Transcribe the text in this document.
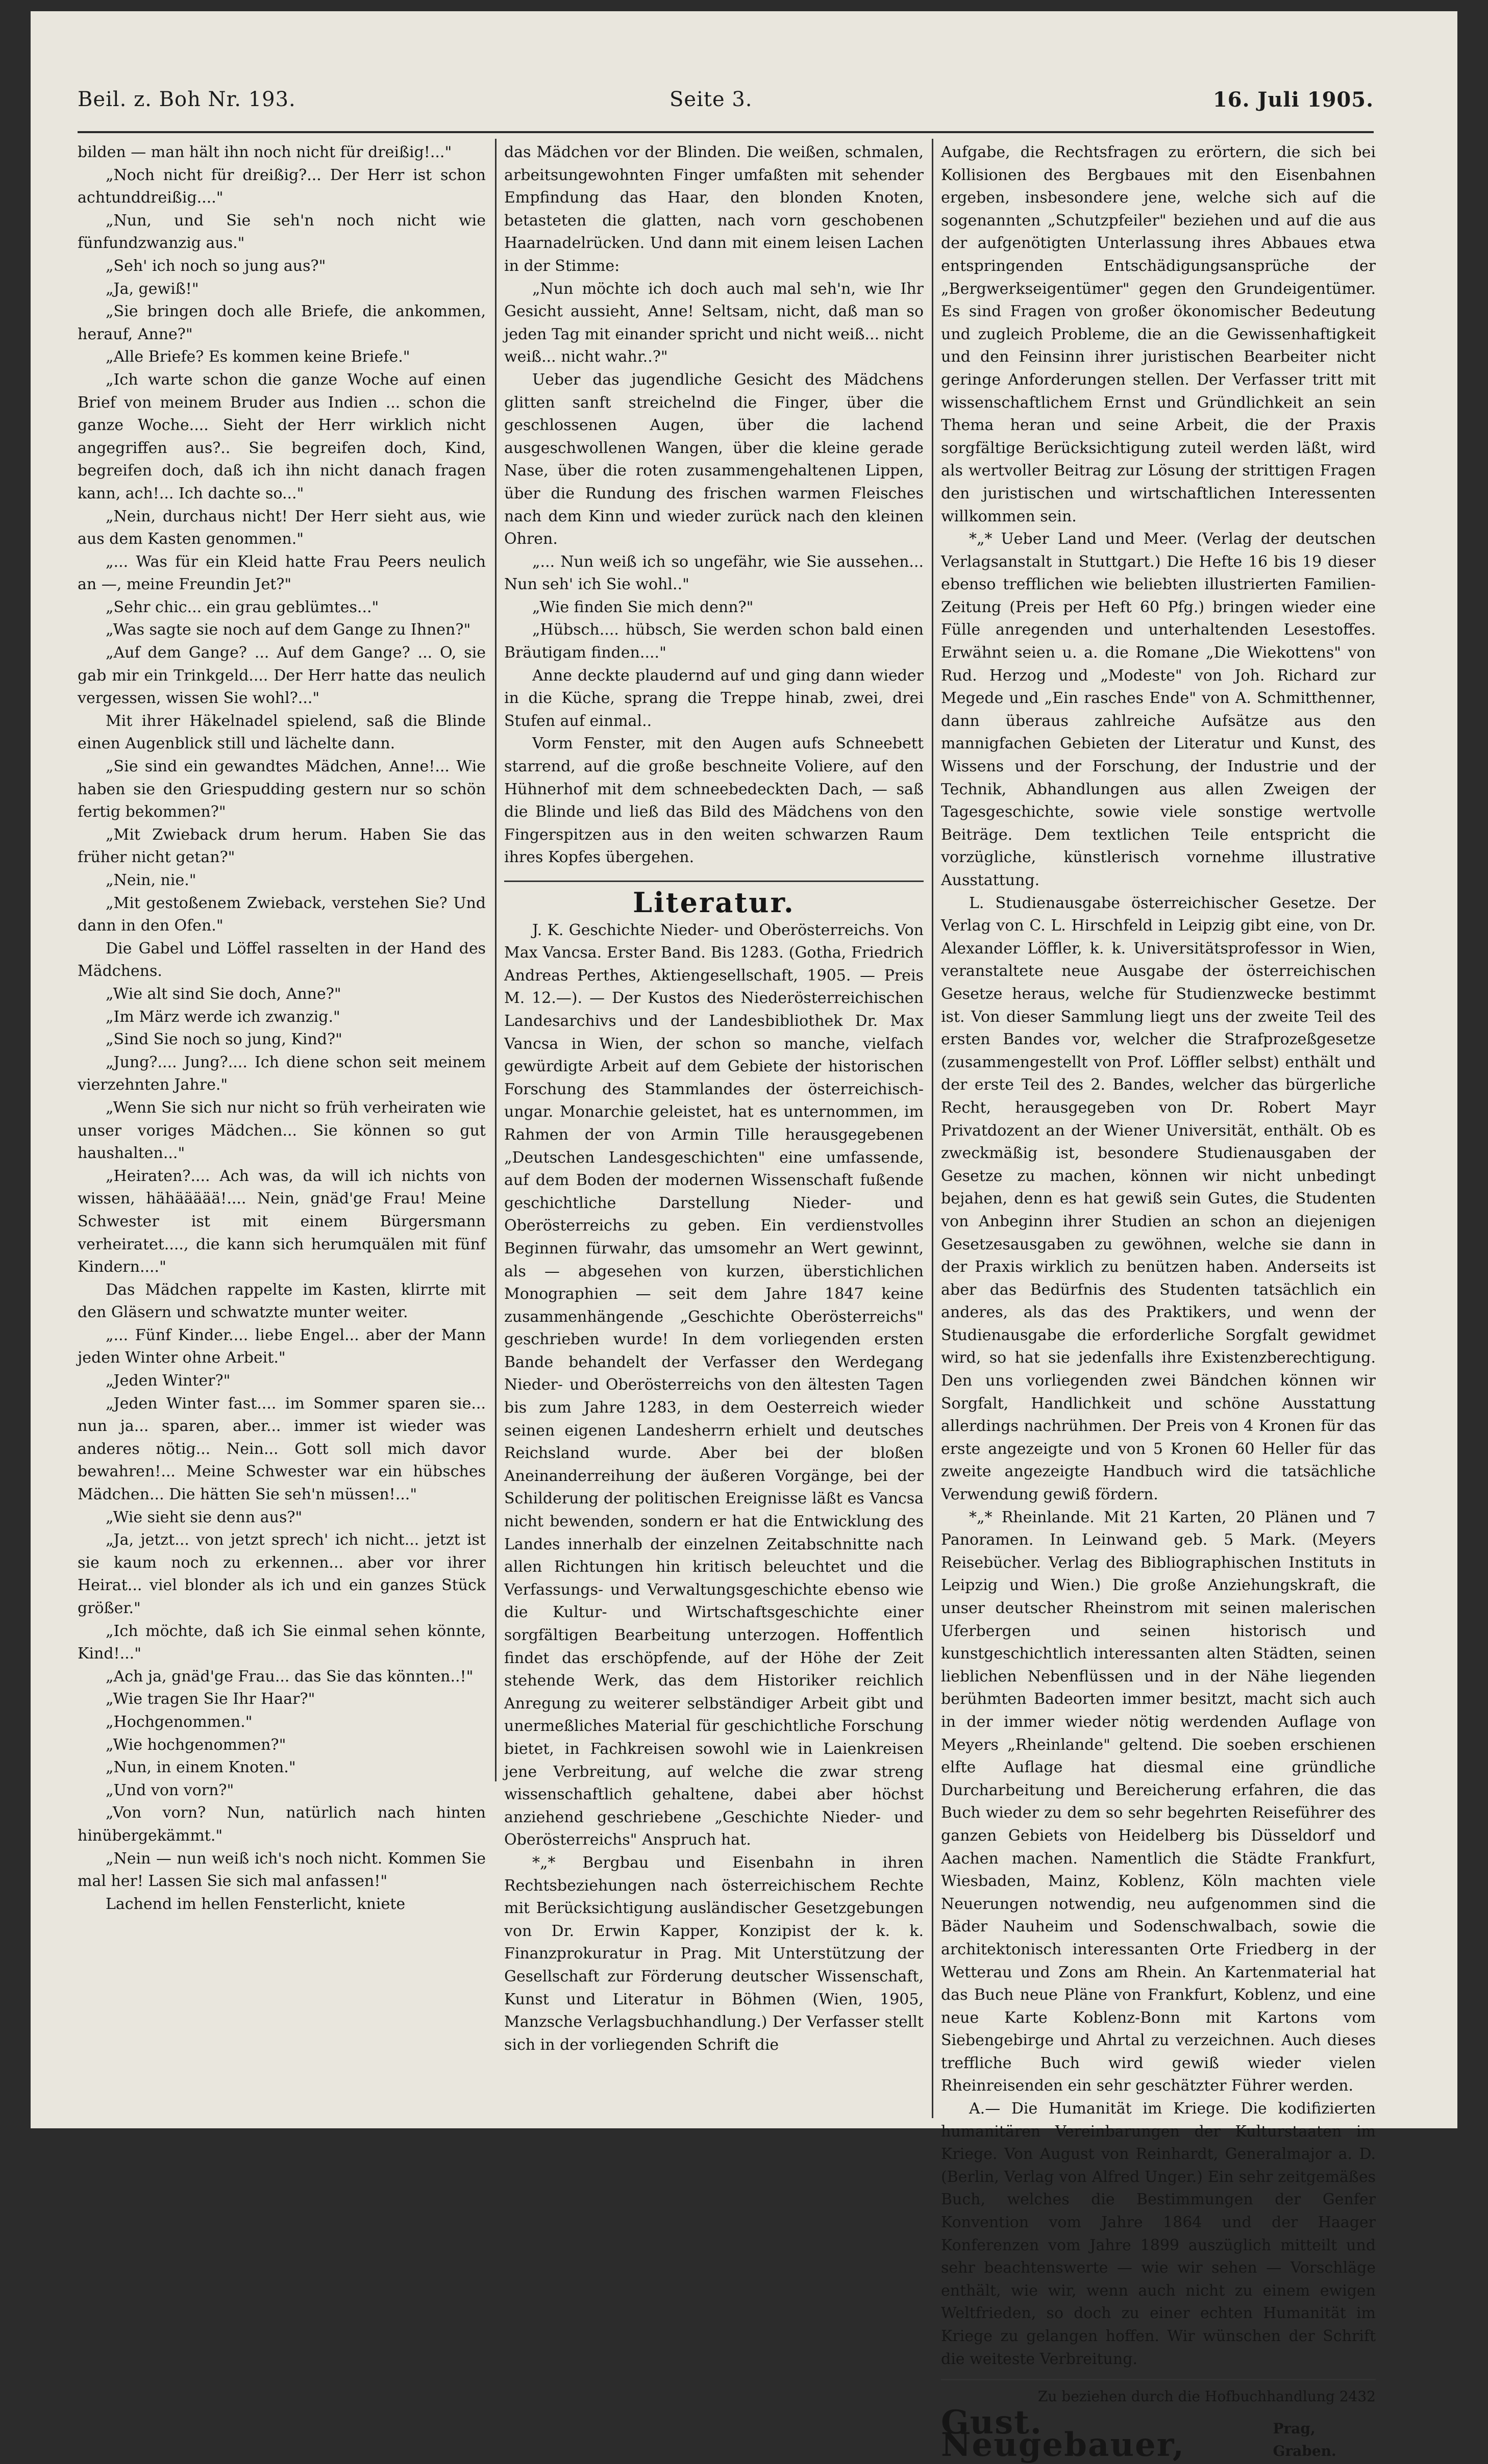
Beil. z. Boh Nr. 193.	Seite 3.	16. Juli 1905.

bilden — man hält ihn noch nicht für dreißig!..."

„Noch nicht für dreißig?... Der Herr ist schon achtunddreißig...."

„Nun, und Sie seh'n noch nicht wie fünfundzwanzig aus."

„Seh' ich noch so jung aus?"

„Ja, gewiß!"

„Sie bringen doch alle Briefe, die ankommen, herauf, Anne?"

„Alle Briefe? Es kommen keine Briefe."

„Ich warte schon die ganze Woche auf einen Brief von meinem Bruder aus Indien ... schon die ganze Woche.... Sieht der Herr wirklich nicht angegriffen aus?.. Sie begreifen doch, Kind, begreifen doch, daß ich ihn nicht danach fragen kann, ach!... Ich dachte so..."

„Nein, durchaus nicht! Der Herr sieht aus, wie aus dem Kasten genommen."

„... Was für ein Kleid hatte Frau Peers neulich an —, meine Freundin Jet?"

„Sehr chic... ein grau geblümtes..."

„Was sagte sie noch auf dem Gange zu Ihnen?"

„Auf dem Gange? ... Auf dem Gange? ... O, sie gab mir ein Trinkgeld.... Der Herr hatte das neulich vergessen, wissen Sie wohl?..."

Mit ihrer Häkelnadel spielend, saß die Blinde einen Augenblick still und lächelte dann.

„Sie sind ein gewandtes Mädchen, Anne!... Wie haben sie den Griespudding gestern nur so schön fertig bekommen?"

„Mit Zwieback drum herum. Haben Sie das früher nicht getan?"

„Nein, nie."

„Mit gestoßenem Zwieback, verstehen Sie? Und dann in den Ofen."

Die Gabel und Löffel rasselten in der Hand des Mädchens.

„Wie alt sind Sie doch, Anne?"

„Im März werde ich zwanzig."

„Sind Sie noch so jung, Kind?"

„Jung?.... Jung?.... Ich diene schon seit meinem vierzehnten Jahre."

„Wenn Sie sich nur nicht so früh verheiraten wie unser voriges Mädchen... Sie können so gut haushalten..."

„Heiraten?.... Ach was, da will ich nichts von wissen, hähäääää!.... Nein, gnäd'ge Frau! Meine Schwester ist mit einem Bürgersmann verheiratet...., die kann sich herumquälen mit fünf Kindern...."

Das Mädchen rappelte im Kasten, klirrte mit den Gläsern und schwatzte munter weiter.

„... Fünf Kinder.... liebe Engel... aber der Mann jeden Winter ohne Arbeit."

„Jeden Winter?"

„Jeden Winter fast.... im Sommer sparen sie... nun ja... sparen, aber... immer ist wieder was anderes nötig... Nein... Gott soll mich davor bewahren!... Meine Schwester war ein hübsches Mädchen... Die hätten Sie seh'n müssen!..."

„Wie sieht sie denn aus?"

„Ja, jetzt... von jetzt sprech' ich nicht... jetzt ist sie kaum noch zu erkennen... aber vor ihrer Heirat... viel blonder als ich und ein ganzes Stück größer."

„Ich möchte, daß ich Sie einmal sehen könnte, Kind!..."

„Ach ja, gnäd'ge Frau... das Sie das könnten..!"

„Wie tragen Sie Ihr Haar?"

„Hochgenommen."

„Wie hochgenommen?"

„Nun, in einem Knoten."

„Und von vorn?"

„Von vorn? Nun, natürlich nach hinten hinübergekämmt."

„Nein — nun weiß ich's noch nicht. Kommen Sie mal her! Lassen Sie sich mal anfassen!"

Lachend im hellen Fensterlicht, kniete

das Mädchen vor der Blinden. Die weißen, schmalen, arbeitsungewohnten Finger umfaßten mit sehender Empfindung das Haar, den blonden Knoten, betasteten die glatten, nach vorn geschobenen Haarnadelrücken. Und dann mit einem leisen Lachen in der Stimme:

„Nun möchte ich doch auch mal seh'n, wie Ihr Gesicht aussieht, Anne! Seltsam, nicht, daß man so jeden Tag mit einander spricht und nicht weiß... nicht weiß... nicht wahr..?"

Ueber das jugendliche Gesicht des Mädchens glitten sanft streichelnd die Finger, über die geschlossenen Augen, über die lachend ausgeschwollenen Wangen, über die kleine gerade Nase, über die roten zusammengehaltenen Lippen, über die Rundung des frischen warmen Fleisches nach dem Kinn und wieder zurück nach den kleinen Ohren.

„... Nun weiß ich so ungefähr, wie Sie aussehen... Nun seh' ich Sie wohl.."

„Wie finden Sie mich denn?"

„Hübsch.... hübsch, Sie werden schon bald einen Bräutigam finden...."

Anne deckte plaudernd auf und ging dann wieder in die Küche, sprang die Treppe hinab, zwei, drei Stufen auf einmal..

Vorm Fenster, mit den Augen aufs Schneebett starrend, auf die große beschneite Voliere, auf den Hühnerhof mit dem schneebedeckten Dach, — saß die Blinde und ließ das Bild des Mädchens von den Fingerspitzen aus in den weiten schwarzen Raum ihres Kopfes übergehen.

Literatur.

J. K. Geschichte Nieder- und Oberösterreichs. Von Max Vancsa. Erster Band. Bis 1283. (Gotha, Friedrich Andreas Perthes, Aktiengesellschaft, 1905. — Preis M. 12.—). — Der Kustos des Niederösterreichischen Landesarchivs und der Landesbibliothek Dr. Max Vancsa in Wien, der schon so manche, vielfach gewürdigte Arbeit auf dem Gebiete der historischen Forschung des Stammlandes der österreichisch-ungar. Monarchie geleistet, hat es unternommen, im Rahmen der von Armin Tille herausgegebenen „Deutschen Landesgeschichten" eine umfassende, auf dem Boden der modernen Wissenschaft fußende geschichtliche Darstellung Nieder- und Oberösterreichs zu geben. Ein verdienstvolles Beginnen fürwahr, das umsomehr an Wert gewinnt, als — abgesehen von kurzen, überstichlichen Monographien — seit dem Jahre 1847 keine zusammenhängende „Geschichte Oberösterreichs" geschrieben wurde! In dem vorliegenden ersten Bande behandelt der Verfasser den Werdegang Nieder- und Oberösterreichs von den ältesten Tagen bis zum Jahre 1283, in dem Oesterreich wieder seinen eigenen Landesherrn erhielt und deutsches Reichsland wurde. Aber bei der bloßen Aneinanderreihung der äußeren Vorgänge, bei der Schilderung der politischen Ereignisse läßt es Vancsa nicht bewenden, sondern er hat die Entwicklung des Landes innerhalb der einzelnen Zeitabschnitte nach allen Richtungen hin kritisch beleuchtet und die Verfassungs- und Verwaltungsgeschichte ebenso wie die Kultur- und Wirtschaftsgeschichte einer sorgfältigen Bearbeitung unterzogen. Hoffentlich findet das erschöpfende, auf der Höhe der Zeit stehende Werk, das dem Historiker reichlich Anregung zu weiterer selbständiger Arbeit gibt und unermeßliches Material für geschichtliche Forschung bietet, in Fachkreisen sowohl wie in Laienkreisen jene Verbreitung, auf welche die zwar streng wissenschaftlich gehaltene, dabei aber höchst anziehend geschriebene „Geschichte Nieder- und Oberösterreichs" Anspruch hat.

*„* Bergbau und Eisenbahn in ihren Rechtsbeziehungen nach österreichischem Rechte mit Berücksichtigung ausländischer Gesetzgebungen von Dr. Erwin Kapper, Konzipist der k. k. Finanzprokuratur in Prag. Mit Unterstützung der Gesellschaft zur Förderung deutscher Wissenschaft, Kunst und Literatur in Böhmen (Wien, 1905, Manzsche Verlagsbuchhandlung.) Der Verfasser stellt sich in der vorliegenden Schrift die

Aufgabe, die Rechtsfragen zu erörtern, die sich bei Kollisionen des Bergbaues mit den Eisenbahnen ergeben, insbesondere jene, welche sich auf die sogenannten „Schutzpfeiler" beziehen und auf die aus der aufgenötigten Unterlassung ihres Abbaues etwa entspringenden Entschädigungsansprüche der „Bergwerkseigentümer" gegen den Grundeigentümer. Es sind Fragen von großer ökonomischer Bedeutung und zugleich Probleme, die an die Gewissenhaftigkeit und den Feinsinn ihrer juristischen Bearbeiter nicht geringe Anforderungen stellen. Der Verfasser tritt mit wissenschaftlichem Ernst und Gründlichkeit an sein Thema heran und seine Arbeit, die der Praxis sorgfältige Berücksichtigung zuteil werden läßt, wird als wertvoller Beitrag zur Lösung der strittigen Fragen den juristischen und wirtschaftlichen Interessenten willkommen sein.

*„* Ueber Land und Meer. (Verlag der deutschen Verlagsanstalt in Stuttgart.) Die Hefte 16 bis 19 dieser ebenso trefflichen wie beliebten illustrierten Familien-Zeitung (Preis per Heft 60 Pfg.) bringen wieder eine Fülle anregenden und unterhaltenden Lesestoffes. Erwähnt seien u. a. die Romane „Die Wiekottens" von Rud. Herzog und „Modeste" von Joh. Richard zur Megede und „Ein rasches Ende" von A. Schmitthenner, dann überaus zahlreiche Aufsätze aus den mannigfachen Gebieten der Literatur und Kunst, des Wissens und der Forschung, der Industrie und der Technik, Abhandlungen aus allen Zweigen der Tagesgeschichte, sowie viele sonstige wertvolle Beiträge. Dem textlichen Teile entspricht die vorzügliche, künstlerisch vornehme illustrative Ausstattung.

L. Studienausgabe österreichischer Gesetze. Der Verlag von C. L. Hirschfeld in Leipzig gibt eine, von Dr. Alexander Löffler, k. k. Universitätsprofessor in Wien, veranstaltete neue Ausgabe der österreichischen Gesetze heraus, welche für Studienzwecke bestimmt ist. Von dieser Sammlung liegt uns der zweite Teil des ersten Bandes vor, welcher die Strafprozeßgesetze (zusammengestellt von Prof. Löffler selbst) enthält und der erste Teil des 2. Bandes, welcher das bürgerliche Recht, herausgegeben von Dr. Robert Mayr Privatdozent an der Wiener Universität, enthält. Ob es zweckmäßig ist, besondere Studienausgaben der Gesetze zu machen, können wir nicht unbedingt bejahen, denn es hat gewiß sein Gutes, die Studenten von Anbeginn ihrer Studien an schon an diejenigen Gesetzesausgaben zu gewöhnen, welche sie dann in der Praxis wirklich zu benützen haben. Anderseits ist aber das Bedürfnis des Studenten tatsächlich ein anderes, als das des Praktikers, und wenn der Studienausgabe die erforderliche Sorgfalt gewidmet wird, so hat sie jedenfalls ihre Existenzberechtigung. Den uns vorliegenden zwei Bändchen können wir Sorgfalt, Handlichkeit und schöne Ausstattung allerdings nachrühmen. Der Preis von 4 Kronen für das erste angezeigte und von 5 Kronen 60 Heller für das zweite angezeigte Handbuch wird die tatsächliche Verwendung gewiß fördern.

*„* Rheinlande. Mit 21 Karten, 20 Plänen und 7 Panoramen. In Leinwand geb. 5 Mark. (Meyers Reisebücher. Verlag des Bibliographischen Instituts in Leipzig und Wien.) Die große Anziehungskraft, die unser deutscher Rheinstrom mit seinen malerischen Uferbergen und seinen historisch und kunstgeschichtlich interessanten alten Städten, seinen lieblichen Nebenflüssen und in der Nähe liegenden berühmten Badeorten immer besitzt, macht sich auch in der immer wieder nötig werdenden Auflage von Meyers „Rheinlande" geltend. Die soeben erschienen elfte Auflage hat diesmal eine gründliche Durcharbeitung und Bereicherung erfahren, die das Buch wieder zu dem so sehr begehrten Reiseführer des ganzen Gebiets von Heidelberg bis Düsseldorf und Aachen machen. Namentlich die Städte Frankfurt, Wiesbaden, Mainz, Koblenz, Köln machten viele Neuerungen notwendig, neu aufgenommen sind die Bäder Nauheim und Sodenschwalbach, sowie die architektonisch interessanten Orte Friedberg in der Wetterau und Zons am Rhein. An Kartenmaterial hat das Buch neue Pläne von Frankfurt, Koblenz, und eine neue Karte Koblenz-Bonn mit Kartons vom Siebengebirge und Ahrtal zu verzeichnen. Auch dieses treffliche Buch wird gewiß wieder vielen Rheinreisenden ein sehr geschätzter Führer werden.

A.— Die Humanität im Kriege. Die kodifizierten humanitären Vereinbarungen der Kulturstaaten im Kriege. Von August von Reinhardt, Generalmajor a. D. (Berlin, Verlag von Alfred Unger.) Ein sehr zeitgemäßes Buch, welches die Bestimmungen der Genfer Konvention vom Jahre 1864 und der Haager Konferenzen vom Jahre 1899 auszüglich mitteilt und sehr beachtenswerte — wie wir sehen — Vorschläge enthält, wie wir, wenn auch nicht zu einem ewigen Weltfrieden, so doch zu einer echten Humanität im Kriege zu gelangen hoffen. Wir wünschen der Schrift die weiteste Verbreitung.

Zu beziehen durch die Hofbuchhandlung 2432
Gust. Neugebauer,	Prag, Graben.
